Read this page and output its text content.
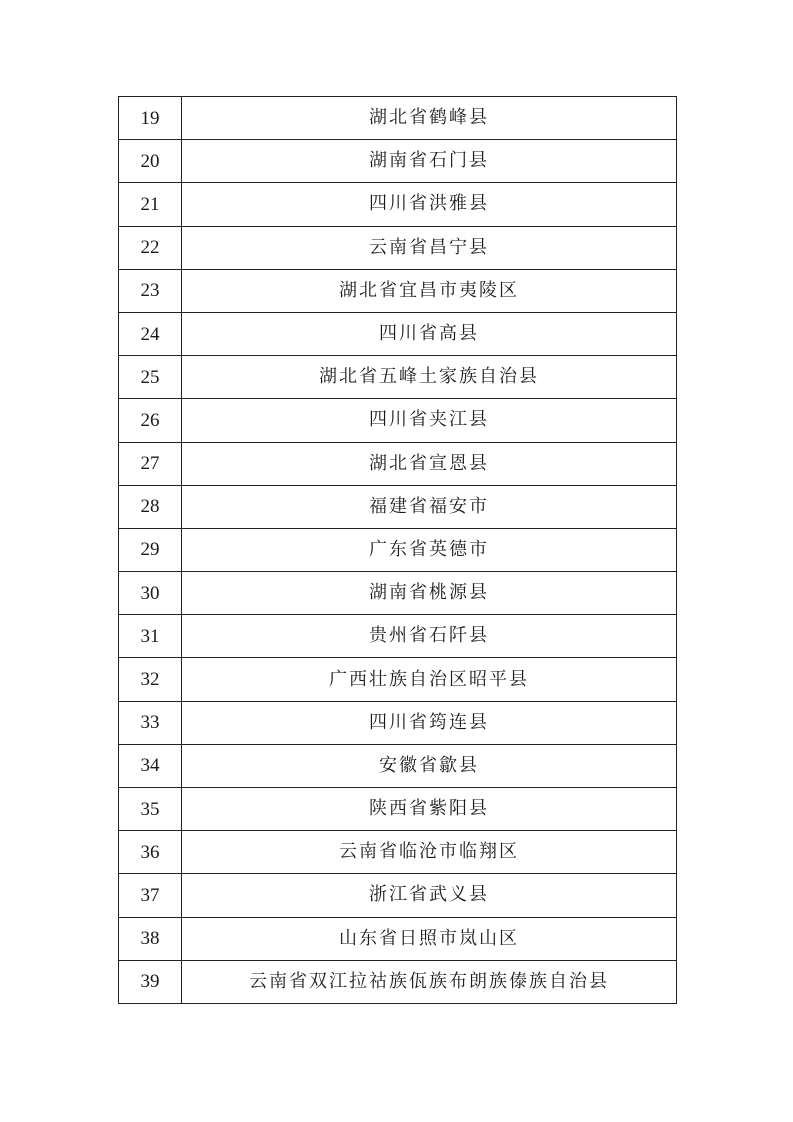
19	湖北省鹤峰县
20	湖南省石门县
21	四川省洪雅县
22	云南省昌宁县
23	湖北省宜昌市夷陵区
24	四川省高县
25	湖北省五峰土家族自治县
26	四川省夹江县
27	湖北省宣恩县
28	福建省福安市
29	广东省英德市
30	湖南省桃源县
31	贵州省石阡县
32	广西壮族自治区昭平县
33	四川省筠连县
34	安徽省歙县
35	陕西省紫阳县
36	云南省临沧市临翔区
37	浙江省武义县
38	山东省日照市岚山区
39	云南省双江拉祜族佤族布朗族傣族自治县
